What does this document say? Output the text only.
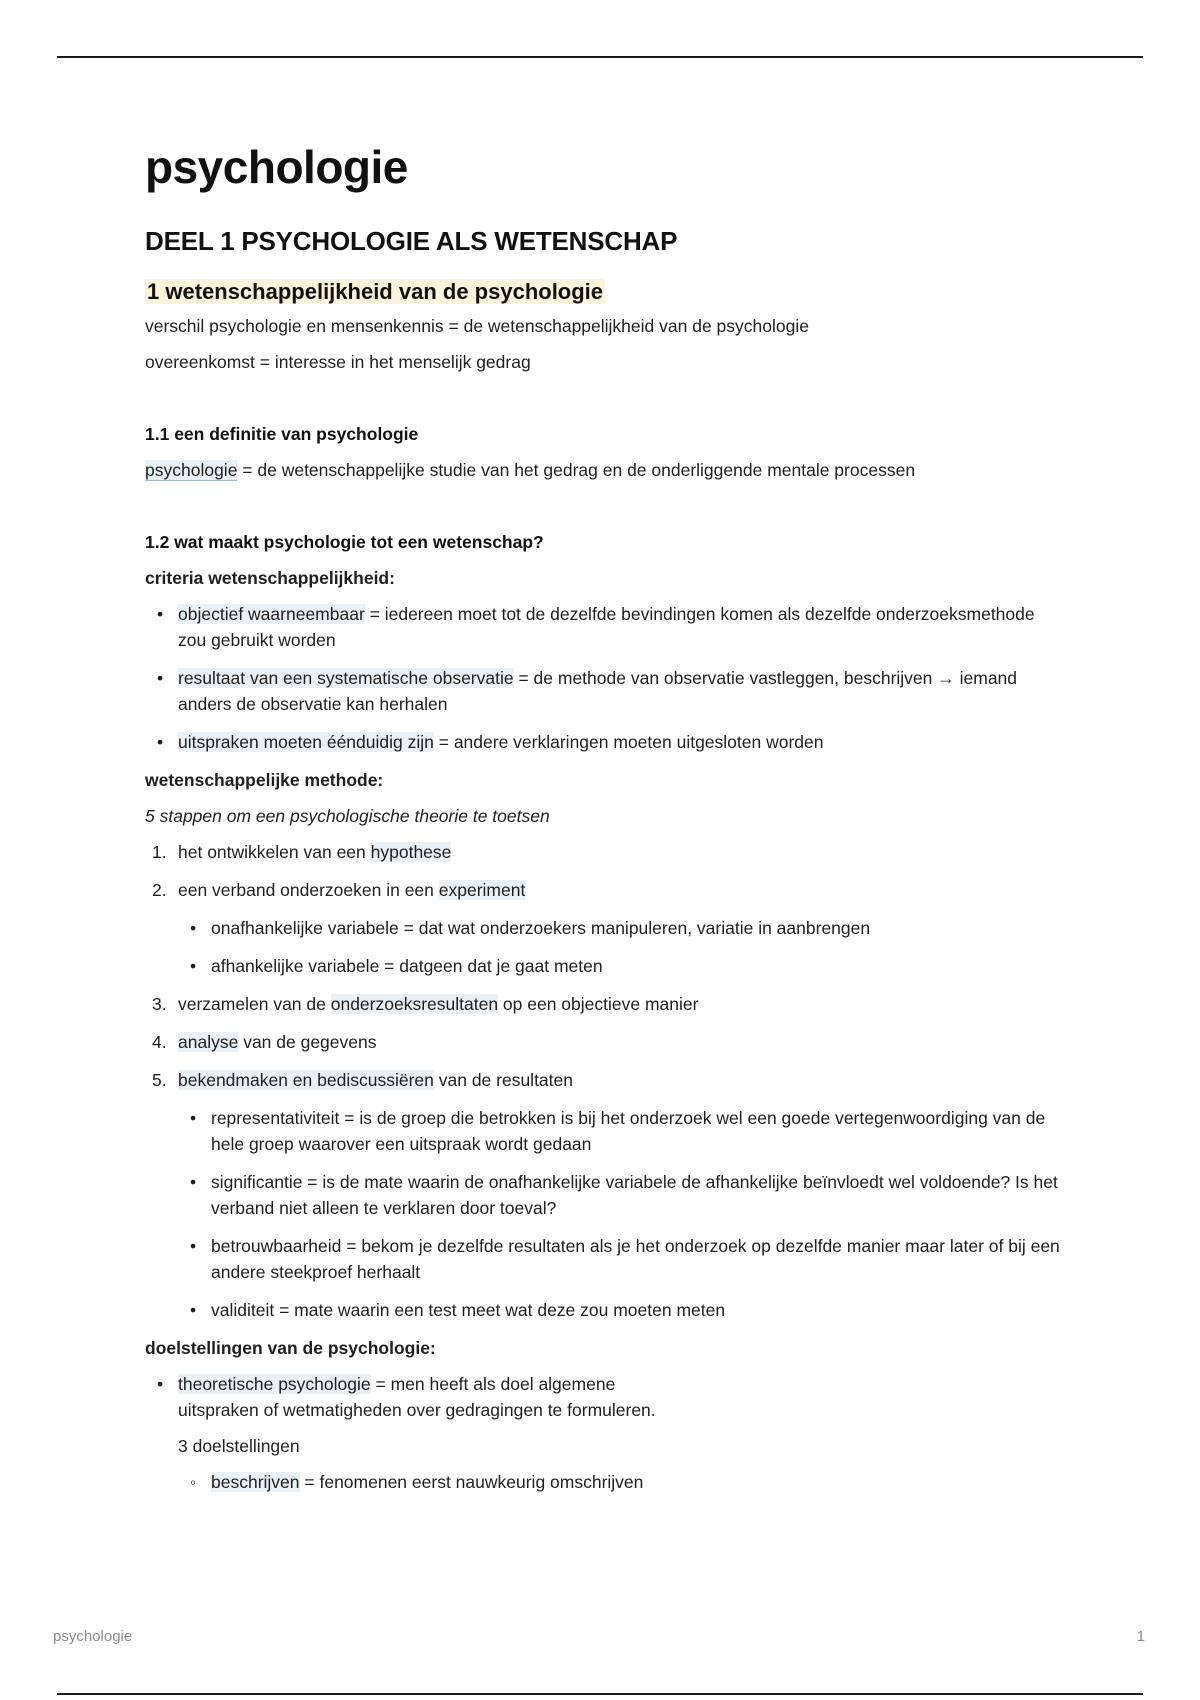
psychologie
DEEL 1 PSYCHOLOGIE ALS WETENSCHAP
1 wetenschappelijkheid van de psychologie

verschil psychologie en mensenkennis = de wetenschappelijkheid van de psychologie

overeenkomst = interesse in het menselijk gedrag

1.1 een definitie van psychologie

psychologie = de wetenschappelijke studie van het gedrag en de onderliggende mentale processen

1.2 wat maakt psychologie tot een wetenschap?

criteria wetenschappelijkheid:

• objectief waarneembaar = iedereen moet tot de dezelfde bevindingen komen als dezelfde onderzoeksmethode zou gebruikt worden
• resultaat van een systematische observatie = de methode van observatie vastleggen, beschrijven → iemand anders de observatie kan herhalen
• uitspraken moeten éénduidig zijn = andere verklaringen moeten uitgesloten worden

wetenschappelijke methode:

5 stappen om een psychologische theorie te toetsen

1. het ontwikkelen van een hypothese
2. een verband onderzoeken in een experiment
• onafhankelijke variabele = dat wat onderzoekers manipuleren, variatie in aanbrengen
• afhankelijke variabele = datgeen dat je gaat meten
3. verzamelen van de onderzoeksresultaten op een objectieve manier
4. analyse van de gegevens
5. bekendmaken en bediscussiëren van de resultaten
• representativiteit = is de groep die betrokken is bij het onderzoek wel een goede vertegenwoordiging van de hele groep waarover een uitspraak wordt gedaan
• significantie = is de mate waarin de onafhankelijke variabele de afhankelijke beïnvloedt wel voldoende? Is het verband niet alleen te verklaren door toeval?
• betrouwbaarheid = bekom je dezelfde resultaten als je het onderzoek op dezelfde manier maar later of bij een andere steekproef herhaalt
• validiteit = mate waarin een test meet wat deze zou moeten meten

doelstellingen van de psychologie:

• theoretische psychologie = men heeft als doel algemene
uitspraken of wetmatigheden over gedragingen te formuleren.
3 doelstellingen
◦ beschrijven = fenomenen eerst nauwkeurig omschrijven
psychologie	1
